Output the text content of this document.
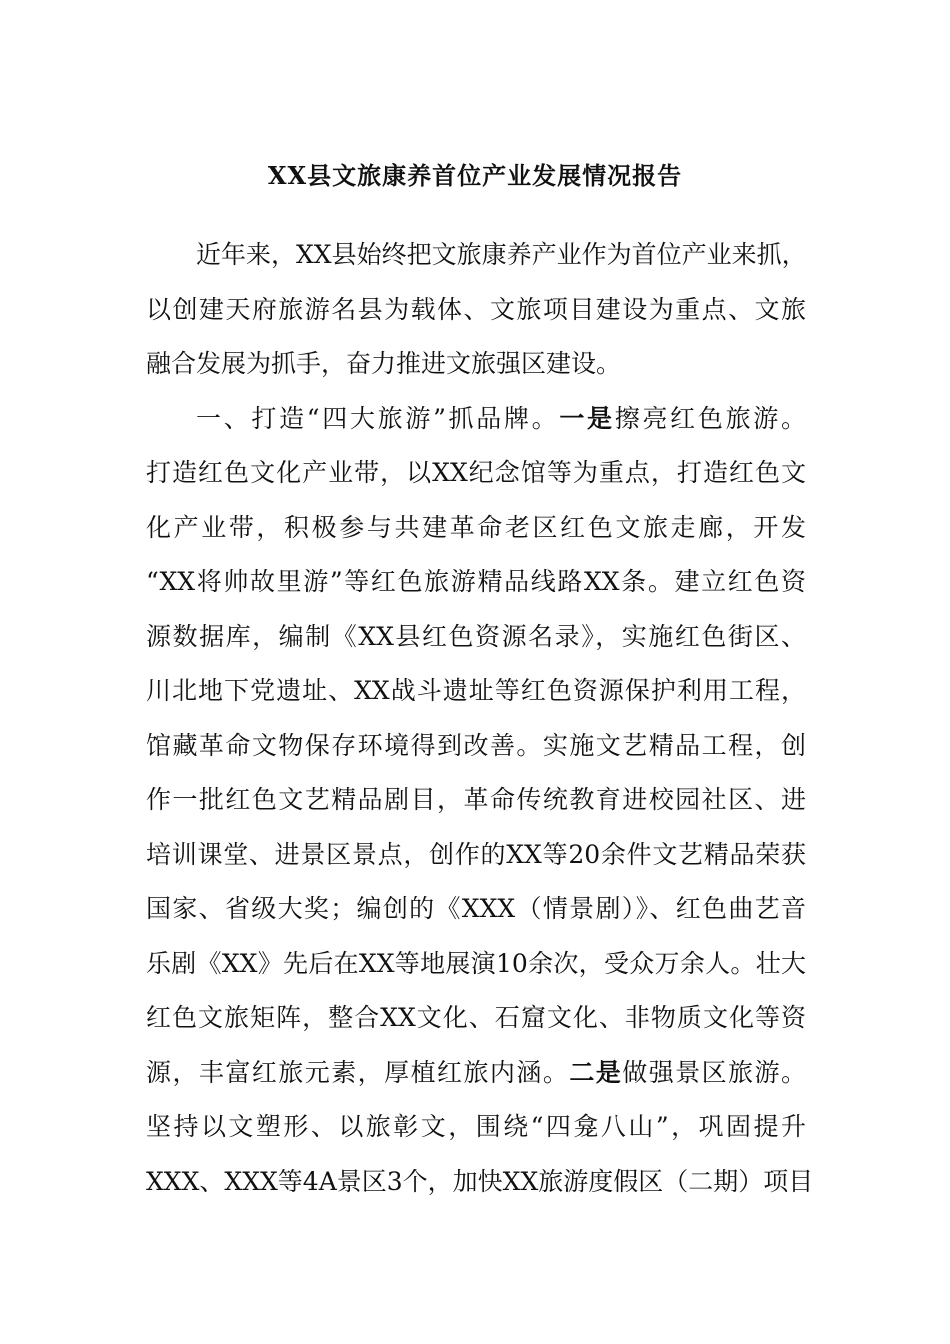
XX县文旅康养首位产业发展情况报告
近年来，XX县始终把文旅康养产业作为首位产业来抓，
以创建天府旅游名县为载体、文旅项目建设为重点、文旅
融合发展为抓手，奋力推进文旅强区建设。
一、打造“四大旅游”抓品牌。一是擦亮红色旅游。
打造红色文化产业带，以XX纪念馆等为重点，打造红色文
化产业带，积极参与共建革命老区红色文旅走廊，开发
“XX将帅故里游”等红色旅游精品线路XX条。建立红色资
源数据库，编制《XX县红色资源名录》，实施红色街区、
川北地下党遗址、XX战斗遗址等红色资源保护利用工程，
馆藏革命文物保存环境得到改善。实施文艺精品工程，创
作一批红色文艺精品剧目，革命传统教育进校园社区、进
培训课堂、进景区景点，创作的XX等20余件文艺精品荣获
国家、省级大奖；编创的《XXX（情景剧）》、红色曲艺音
乐剧《XX》先后在XX等地展演10余次，受众万余人。壮大
红色文旅矩阵，整合XX文化、石窟文化、非物质文化等资
源，丰富红旅元素，厚植红旅内涵。二是做强景区旅游。
坚持以文塑形、以旅彰文，围绕“四龛八山”，巩固提升
XXX、XXX等4A景区3个，加快XX旅游度假区（二期）项目
